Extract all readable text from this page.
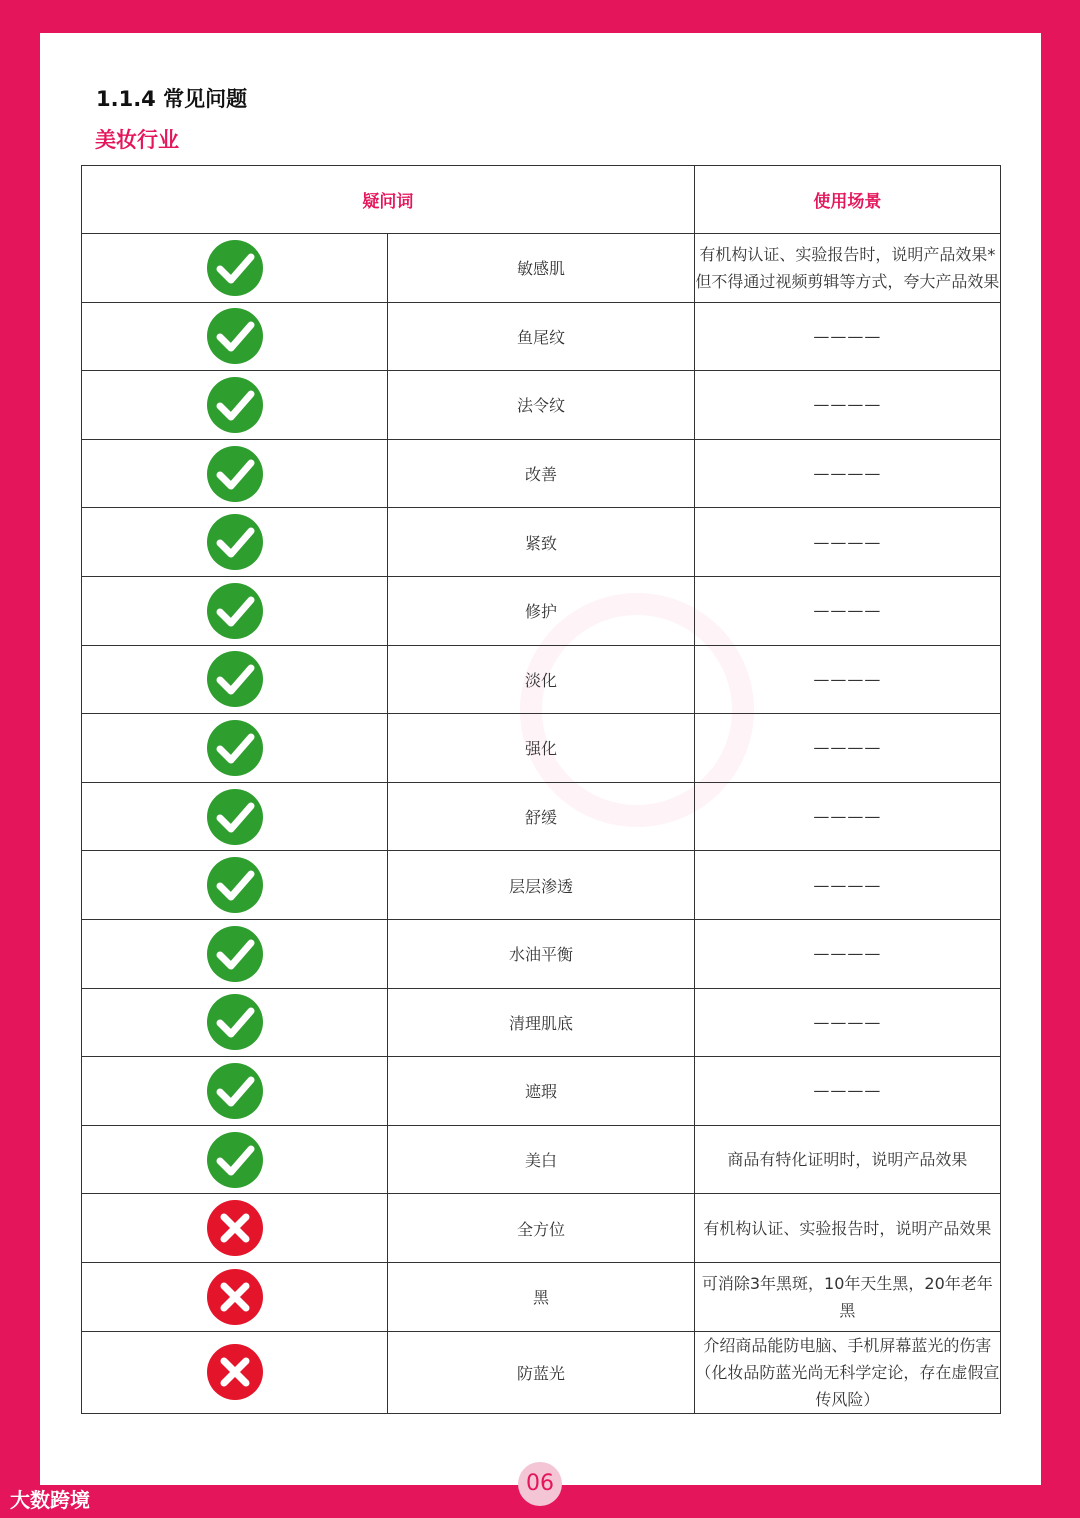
1.1.4 常见问题
美妆行业
疑问词		使用场景
	敏感肌	有机构认证、实验报告时，说明产品效果*但不得通过视频剪辑等方式，夸大产品效果
	鱼尾纹	————
	法令纹	————
	改善	————
	紧致	————
	修护	————
	淡化	————
	强化	————
	舒缓	————
	层层渗透	————
	水油平衡	————
	清理肌底	————
	遮瑕	————
	美白	商品有特化证明时，说明产品效果
	全方位	有机构认证、实验报告时，说明产品效果
	黑	可消除3年黑斑，10年天生黑，20年老年黑
	防蓝光	介绍商品能防电脑、手机屏幕蓝光的伤害（化妆品防蓝光尚无科学定论，存在虚假宣传风险）
06
大数跨境
